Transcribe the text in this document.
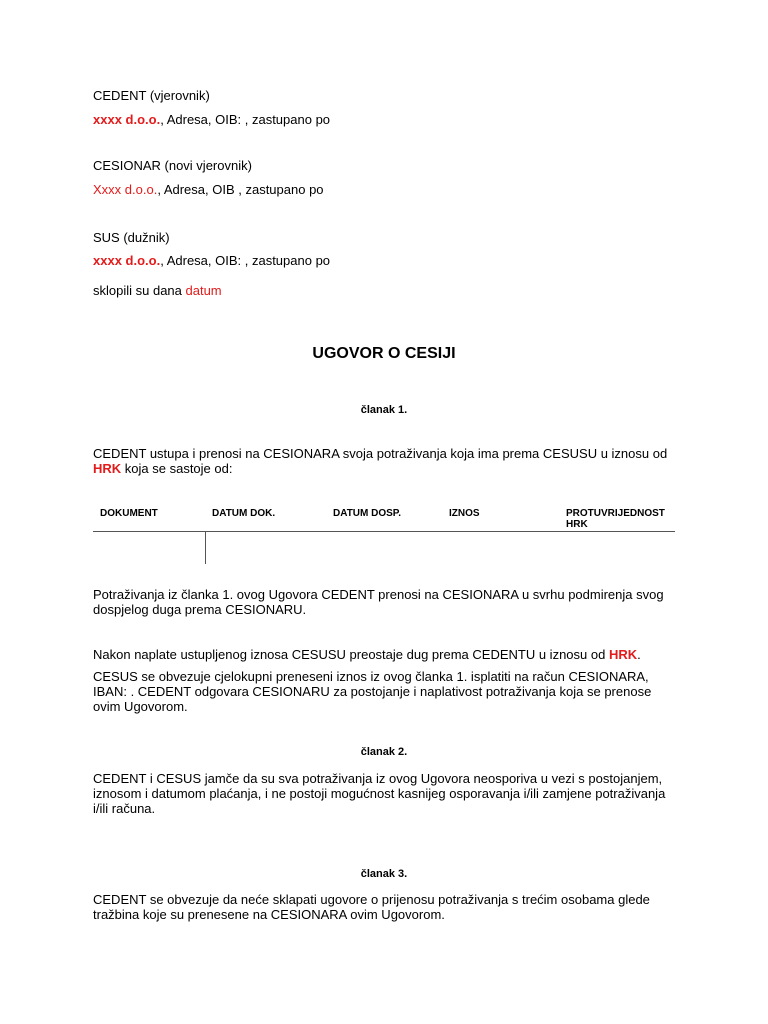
CEDENT (vjerovnik)
xxxx d.o.o., Adresa, OIB: , zastupano po
CESIONAR (novi vjerovnik)
Xxxx d.o.o., Adresa, OIB , zastupano po
SUS (dužnik)
xxxx d.o.o., Adresa, OIB: , zastupano po
sklopili su dana datum
UGOVOR O CESIJI
članak 1.
CEDENT ustupa i prenosi na CESIONARA svoja potraživanja koja ima prema CESUSU u iznosu od
HRK koja se sastoje od:
DOKUMENT	DATUM DOK.	DATUM DOSP.	IZNOS	PROTUVRIJEDNOST HRK
Potraživanja iz članka 1. ovog Ugovora CEDENT prenosi na CESIONARA u svrhu podmirenja svog dospjelog duga prema CESIONARU.
Nakon naplate ustupljenog iznosa CESUSU preostaje dug prema CEDENTU u iznosu od HRK.
CESUS se obvezuje cjelokupni preneseni iznos iz ovog članka 1. isplatiti na račun CESIONARA, IBAN: . CEDENT odgovara CESIONARU za postojanje i naplativost potraživanja koja se prenose ovim Ugovorom.
članak 2.
CEDENT i CESUS jamče da su sva potraživanja iz ovog Ugovora neosporiva u vezi s postojanjem, iznosom i datumom plaćanja, i ne postoji mogućnost kasnijeg osporavanja i/ili zamjene potraživanja i/ili računa.
članak 3.
CEDENT se obvezuje da neće sklapati ugovore o prijenosu potraživanja s trećim osobama glede tražbina koje su prenesene na CESIONARA ovim Ugovorom.
